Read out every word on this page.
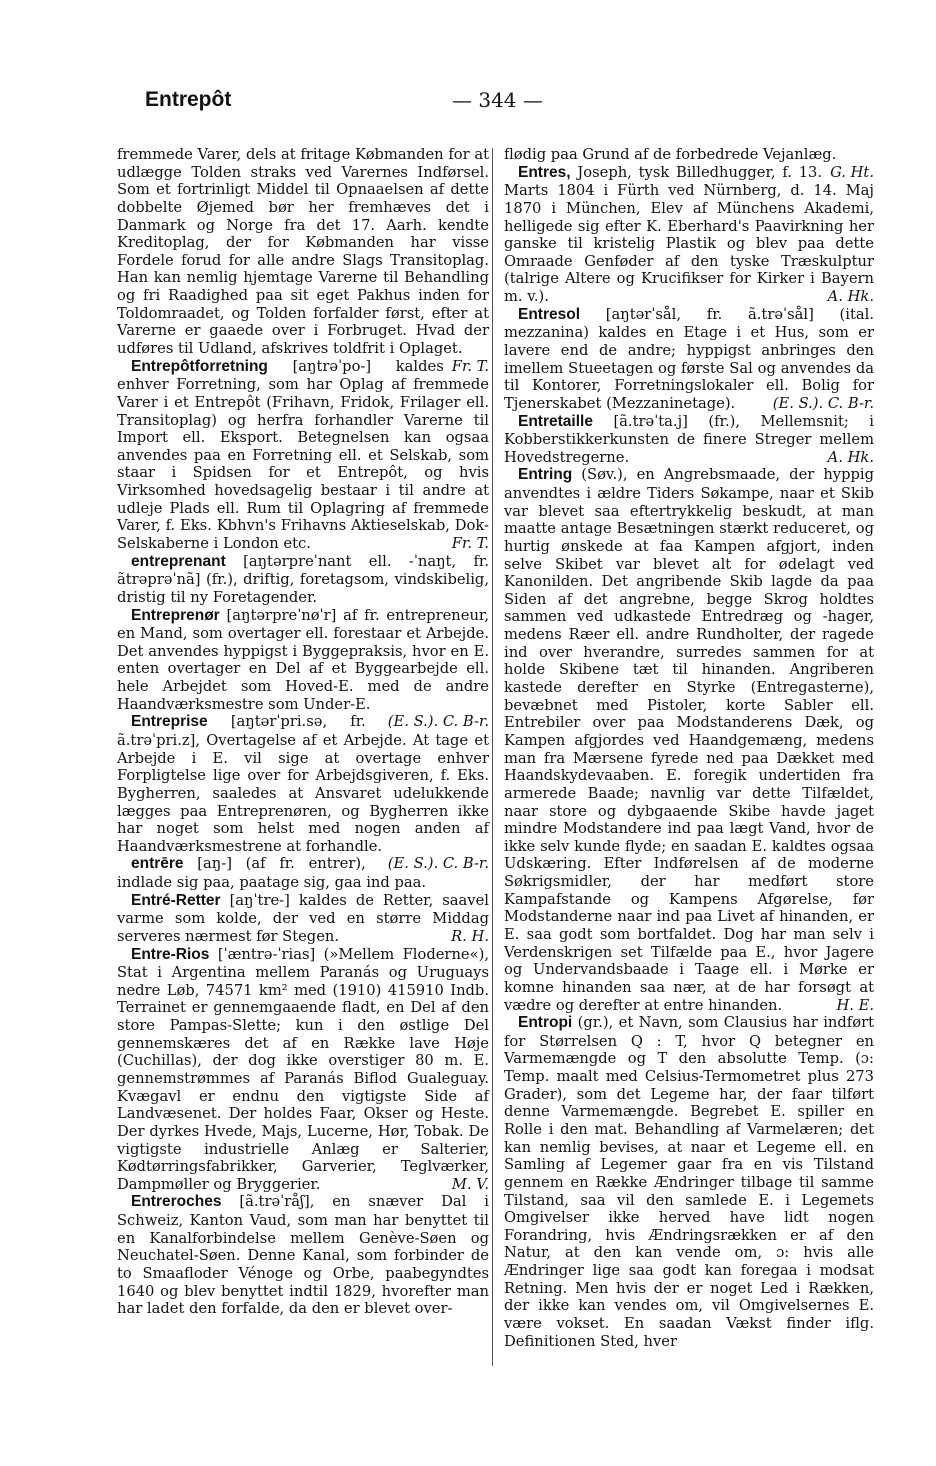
Entrepôt	— 344 —

fremmede Varer, dels at fritage Købmanden for at udlægge Tolden straks ved Varernes Indførsel. Som et fortrinligt Middel til Opnaaelsen af dette dobbelte Øjemed bør her fremhæves det i Danmark og Norge fra det 17. Aarh. kendte Kreditoplag, der for Købmanden har visse Fordele forud for alle andre Slags Transitoplag. Han kan nemlig hjemtage Varerne til Behandling og fri Raadighed paa sit eget Pakhus inden for Toldomraadet, og Tolden forfalder først, efter at Varerne er gaaede over i Forbruget. Hvad der udføres til Udland, afskrives toldfrit i Oplaget.
Fr. T.

Entrepôtforretning [aŋtrəˈpo-] kaldes enhver Forretning, som har Oplag af fremmede Varer i et Entrepôt (Frihavn, Fridok, Frilager ell. Transitoplag) og herfra forhandler Varerne til Import ell. Eksport. Betegnelsen kan ogsaa anvendes paa en Forretning ell. et Selskab, som staar i Spidsen for et Entrepôt, og hvis Virksomhed hovedsagelig bestaar i til andre at udleje Plads ell. Rum til Oplagring af fremmede Varer, f. Eks. Kbhvn's Frihavns Aktieselskab, Dok-Selskaberne i London etc.	Fr. T.

entreprenant [aŋtərpreˈnant ell. -ˈnaŋt, fr. ãtrəprəˈnã] (fr.), driftig, foretagsom, vindskibelig, dristig til ny Foretagender.

Entreprenør [aŋtərpreˈnøˈr] af fr. entrepreneur, en Mand, som overtager ell. forestaar et Arbejde. Det anvendes hyppigst i Byggepraksis, hvor en E. enten overtager en Del af et Byggearbejde ell. hele Arbejdet som Hoved-E. med de andre Haandværksmestre som Under-E.
(E. S.). C. B-r.

Entreprise [aŋtərˈpri.sə, fr. ã.trəˈpri.z], Overtagelse af et Arbejde. At tage et Arbejde i E. vil sige at overtage enhver Forpligtelse lige over for Arbejdsgiveren, f. Eks. Bygherren, saaledes at Ansvaret udelukkende lægges paa Entreprenøren, og Bygherren ikke har noget som helst med nogen anden af Haandværksmestrene at forhandle.
(E. S.). C. B-r.

entrēre [aŋ-] (af fr. entrer), indlade sig paa, paatage sig, gaa ind paa.

Entré-Retter [aŋˈtre-] kaldes de Retter, saavel varme som kolde, der ved en større Middag serveres nærmest før Stegen.	R. H.

Entre-Rios [ˈæntrə-ˈrias] (»Mellem Floderne«), Stat i Argentina mellem Paranás og Uruguays nedre Løb, 74571 km² med (1910) 415910 Indb. Terrainet er gennemgaaende fladt, en Del af den store Pampas-Slette; kun i den østlige Del gennemskæres det af en Række lave Høje (Cuchillas), der dog ikke overstiger 80 m. E. gennemstrømmes af Paranás Biflod Gualeguay. Kvægavl er endnu den vigtigste Side af Landvæsenet. Der holdes Faar, Okser og Heste. Der dyrkes Hvede, Majs, Lucerne, Hør, Tobak. De vigtigste industrielle Anlæg er Salterier, Kødtørringsfabrikker, Garverier, Teglværker, Dampmøller og Bryggerier.	M. V.

Entreroches [ã.trəˈråʃ], en snæver Dal i Schweiz, Kanton Vaud, som man har benyttet til en Kanalforbindelse mellem Genève-Søen og Neuchatel-Søen. Denne Kanal, som forbinder de to Smaafloder Vénoge og Orbe, paabegyndtes 1640 og blev benyttet indtil 1829, hvorefter man har ladet den forfalde, da den er blevet over-

flødig paa Grund af de forbedrede Vejanlæg.
G. Ht.

Entres, Joseph, tysk Billedhugger, f. 13. Marts 1804 i Fürth ved Nürnberg, d. 14. Maj 1870 i München, Elev af Münchens Akademi, helligede sig efter K. Eberhard's Paavirkning her ganske til kristelig Plastik og blev paa dette Omraade Genføder af den tyske Træskulptur (talrige Altere og Krucifikser for Kirker i Bayern m. v.).	A. Hk.

Entresol [aŋtərˈsål, fr. ã.trəˈsål] (ital. mezzanina) kaldes en Etage i et Hus, som er lavere end de andre; hyppigst anbringes den imellem Stueetagen og første Sal og anvendes da til Kontorer, Forretningslokaler ell. Bolig for Tjenerskabet (Mezzaninetage).	(E. S.). C. B-r.

Entretaille [ã.trəˈta.j] (fr.), Mellemsnit; i Kobberstikkerkunsten de finere Streger mellem Hovedstregerne.	A. Hk.

Entring (Søv.), en Angrebsmaade, der hyppig anvendtes i ældre Tiders Søkampe, naar et Skib var blevet saa eftertrykkelig beskudt, at man maatte antage Besætningen stærkt reduceret, og hurtig ønskede at faa Kampen afgjort, inden selve Skibet var blevet alt for ødelagt ved Kanonilden. Det angribende Skib lagde da paa Siden af det angrebne, begge Skrog holdtes sammen ved udkastede Entredræg og -hager, medens Ræer ell. andre Rundholter, der ragede ind over hverandre, surredes sammen for at holde Skibene tæt til hinanden. Angriberen kastede derefter en Styrke (Entregasterne), bevæbnet med Pistoler, korte Sabler ell. Entrebiler over paa Modstanderens Dæk, og Kampen afgjordes ved Haandgemæng, medens man fra Mærsene fyrede ned paa Dækket med Haandskydevaaben. E. foregik undertiden fra armerede Baade; navnlig var dette Tilfældet, naar store og dybgaaende Skibe havde jaget mindre Modstandere ind paa lægt Vand, hvor de ikke selv kunde flyde; en saadan E. kaldtes ogsaa Udskæring. Efter Indførelsen af de moderne Søkrigsmidler, der har medført store Kampafstande og Kampens Afgørelse, før Modstanderne naar ind paa Livet af hinanden, er E. saa godt som bortfaldet. Dog har man selv i Verdenskrigen set Tilfælde paa E., hvor Jagere og Undervandsbaade i Taage ell. i Mørke er komne hinanden saa nær, at de har forsøgt at vædre og derefter at entre hinanden.	H. E.

Entropi (gr.), et Navn, som Clausius har indført for Størrelsen Q : T, hvor Q betegner en Varmemængde og T den absolutte Temp. (ɔ: Temp. maalt med Celsius-Termometret plus 273 Grader), som det Legeme har, der faar tilført denne Varmemængde. Begrebet E. spiller en Rolle i den mat. Behandling af Varmelæren; det kan nemlig bevises, at naar et Legeme ell. en Samling af Legemer gaar fra en vis Tilstand gennem en Række Ændringer tilbage til samme Tilstand, saa vil den samlede E. i Legemets Omgivelser ikke herved have lidt nogen Forandring, hvis Ændringsrækken er af den Natur, at den kan vende om, ɔ: hvis alle Ændringer lige saa godt kan foregaa i modsat Retning. Men hvis der er noget Led i Rækken, der ikke kan vendes om, vil Omgivelsernes E. være vokset. En saadan Vækst finder iflg. Definitionen Sted, hver
